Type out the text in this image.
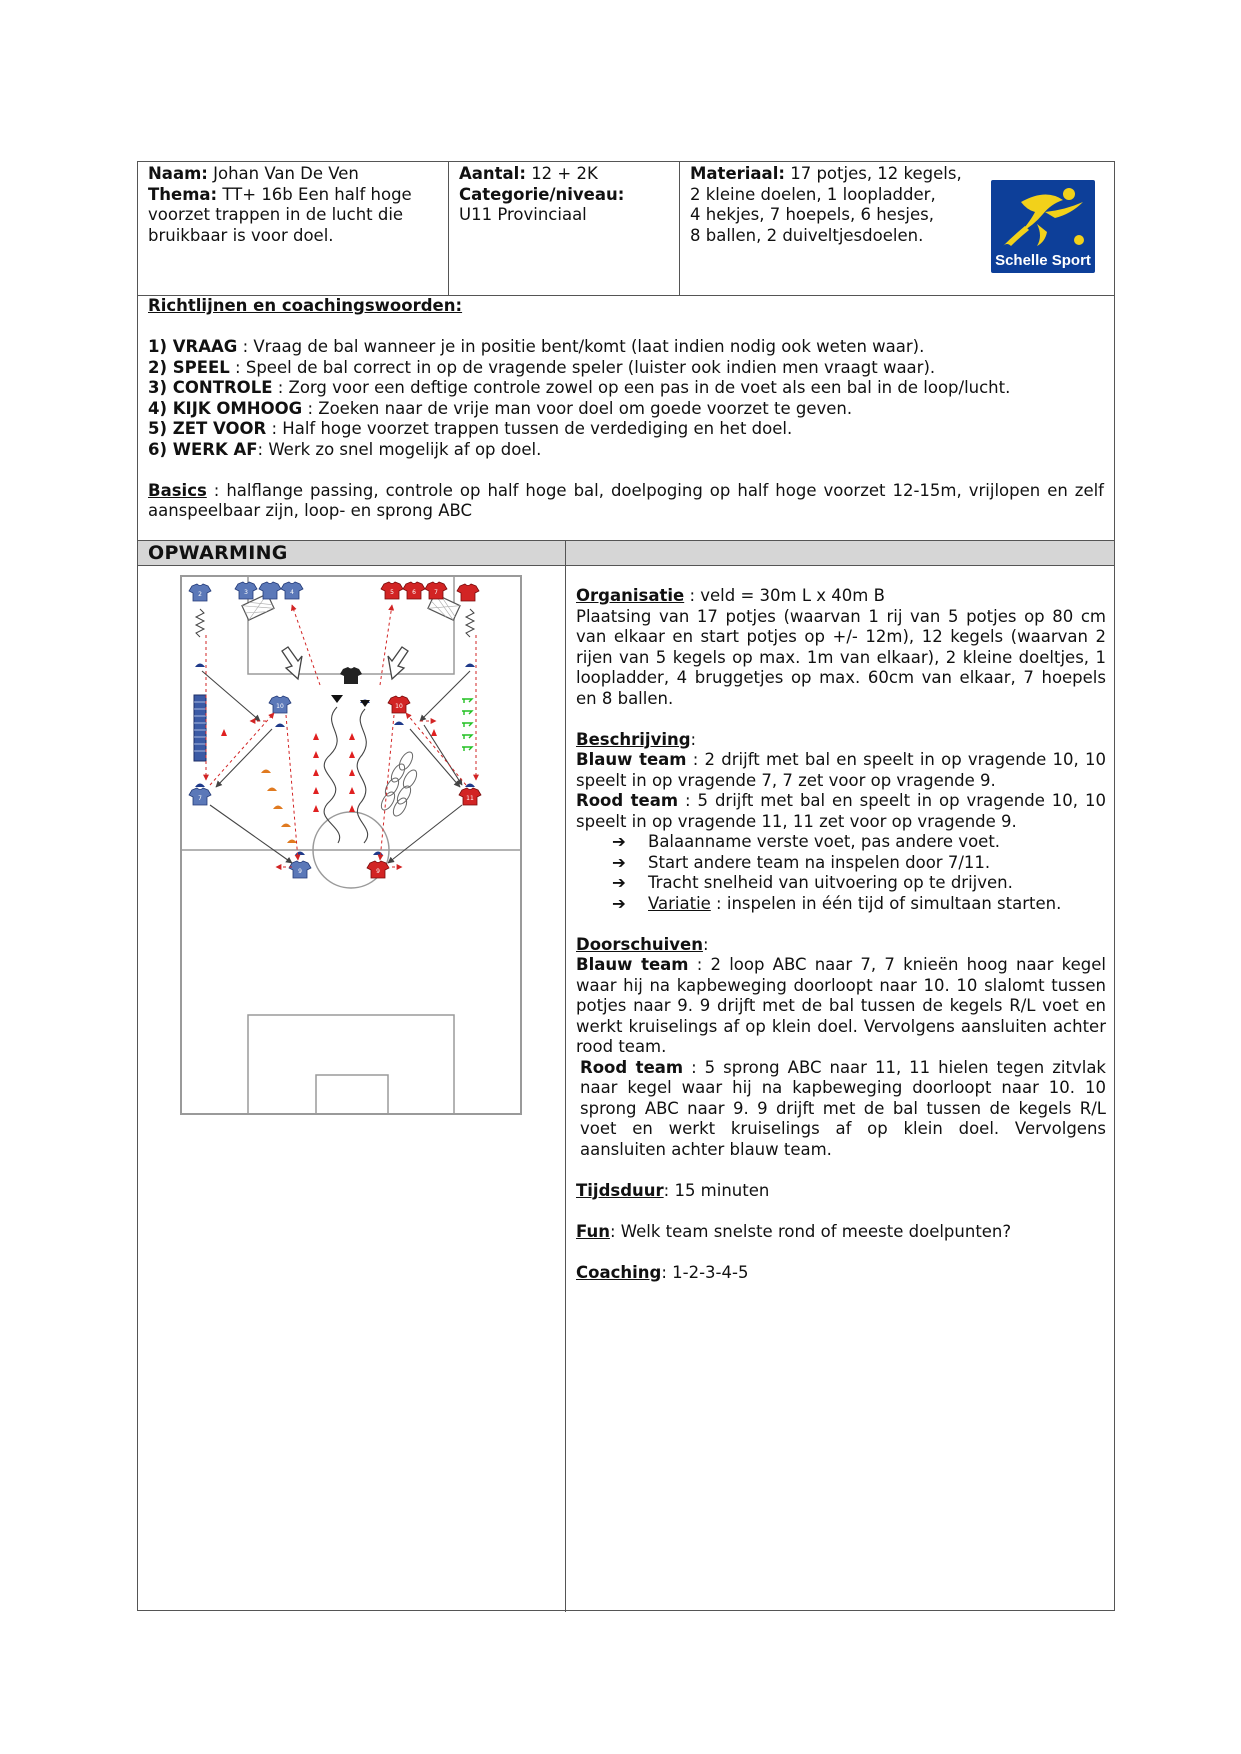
Naam: Johan Van De Ven
Thema: TT+ 16b Een half hoge voorzet trappen in de lucht die bruikbaar is voor doel.
Aantal: 12 + 2K
Categorie/niveau:
U11 Provinciaal
Materiaal: 17 potjes, 12 kegels,
2 kleine doelen, 1 loopladder,
4 hekjes, 7 hoepels, 6 hesjes,
8 ballen, 2 duiveltjesdoelen.
Schelle Sport
Richtlijnen en coachingswoorden:
1) VRAAG : Vraag de bal wanneer je in positie bent/komt (laat indien nodig ook weten waar).
2) SPEEL : Speel de bal correct in op de vragende speler (luister ook indien men vraagt waar).
3) CONTROLE : Zorg voor een deftige controle zowel op een pas in de voet als een bal in de loop/lucht.
4) KIJK OMHOOG : Zoeken naar de vrije man voor doel om goede voorzet te geven.
5) ZET VOOR : Half hoge voorzet trappen tussen de verdediging en het doel.
6) WERK AF: Werk zo snel mogelijk af op doel.
Basics : halflange passing, controle op half hoge bal, doelpoging op half hoge voorzet 12-15m, vrijlopen en zelf aanspeelbaar zijn, loop- en sprong ABC
OPWARMING
2	3	4
10
7
9
5	6	7
10
11
9

Organisatie : veld = 30m L x 40m B

Plaatsing van 17 potjes (waarvan 1 rij van 5 potjes op 80 cm van elkaar en start potjes op +/- 12m), 12 kegels (waarvan 2 rijen van 5 kegels op max. 1m van elkaar), 2 kleine doeltjes, 1 loopladder, 4 bruggetjes op max. 60cm van elkaar, 7 hoepels en 8 ballen.

Beschrijving:

Blauw team : 2 drijft met bal en speelt in op vragende 10, 10 speelt in op vragende 7, 7 zet voor op vragende 9.

Rood team : 5 drijft met bal en speelt in op vragende 10, 10 speelt in op vragende 11, 11 zet voor op vragende 9.

➔	Balaanname verste voet, pas andere voet.

➔	Start andere team na inspelen door 7/11.

➔	Tracht snelheid van uitvoering op te drijven.

➔	Variatie : inspelen in één tijd of simultaan starten.

Doorschuiven:

Blauw team : 2 loop ABC naar 7, 7 knieën hoog naar kegel waar hij na kapbeweging doorloopt naar 10. 10 slalomt tussen potjes naar 9. 9 drijft met de bal tussen de kegels R/L voet en werkt kruiselings af op klein doel. Vervolgens aansluiten achter rood team.

Rood team : 5 sprong ABC naar 11, 11 hielen tegen zitvlak naar kegel waar hij na kapbeweging doorloopt naar 10. 10 sprong ABC naar 9. 9 drijft met de bal tussen de kegels R/L voet en werkt kruiselings af op klein doel. Vervolgens aansluiten achter blauw team.

Tijdsduur: 15 minuten

Fun: Welk team snelste rond of meeste doelpunten?

Coaching: 1-2-3-4-5
